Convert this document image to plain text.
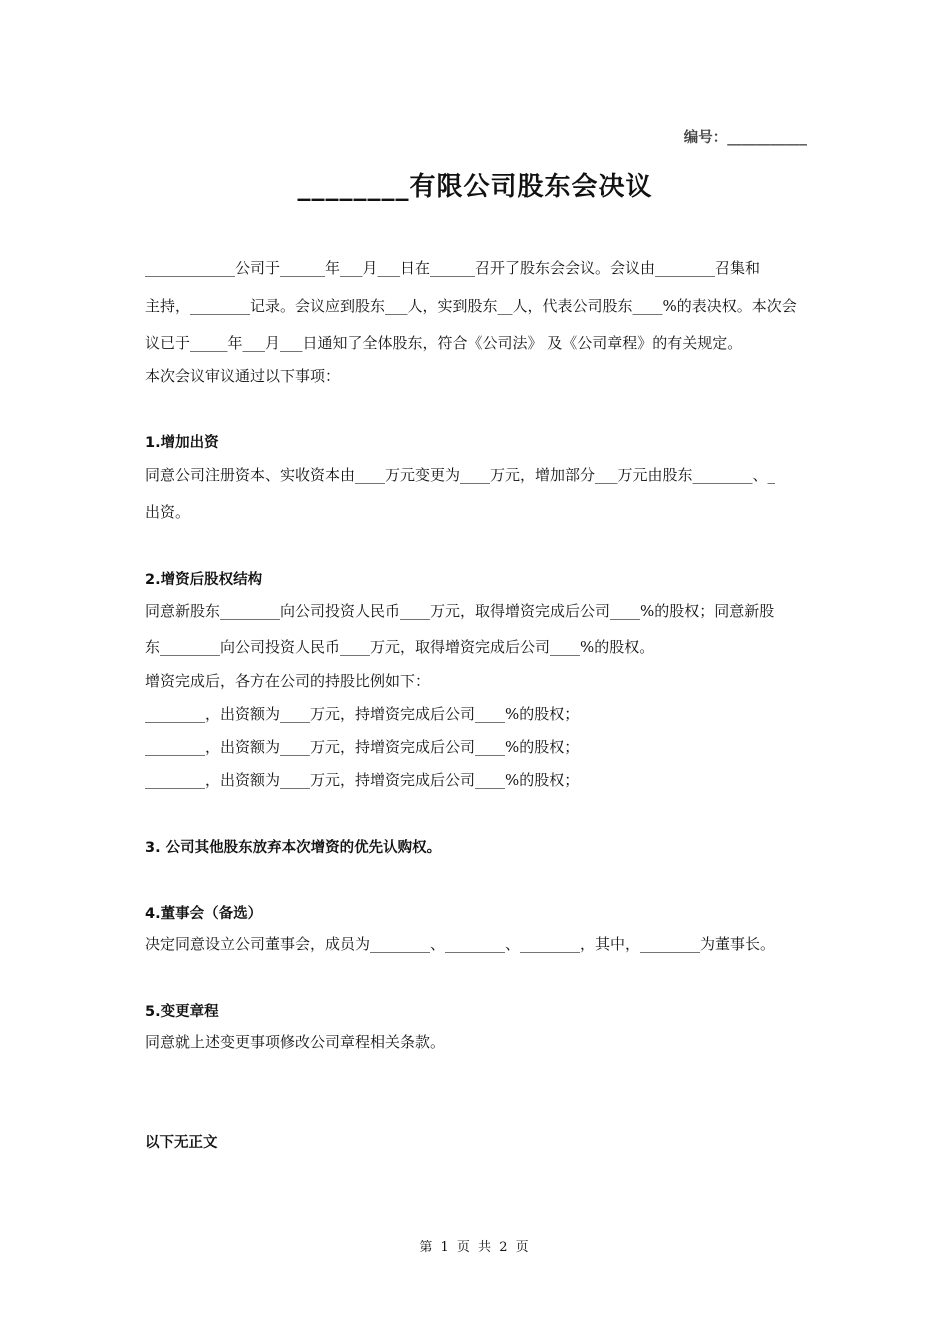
编号：___________
________有限公司股东会决议
____________公司于______年___月___日在______召开了股东会会议。会议由________召集和
主持，________记录。会议应到股东___人，实到股东__人，代表公司股东____%的表决权。本次会
议已于_____年___月___日通知了全体股东，符合《公司法》 及《公司章程》的有关规定。
本次会议审议通过以下事项：
1.增加出资
同意公司注册资本、实收资本由____万元变更为____万元，增加部分___万元由股东________、_
出资。
2.增资后股权结构
同意新股东________向公司投资人民币____万元，取得增资完成后公司____%的股权；同意新股
东________向公司投资人民币____万元，取得增资完成后公司____%的股权。
增资完成后，各方在公司的持股比例如下：
________，出资额为____万元，持增资完成后公司____%的股权；
________，出资额为____万元，持增资完成后公司____%的股权；
________，出资额为____万元，持增资完成后公司____%的股权；
3. 公司其他股东放弃本次增资的优先认购权。
4.董事会（备选）
决定同意设立公司董事会，成员为________、________、________，其中，________为董事长。
5.变更章程
同意就上述变更事项修改公司章程相关条款。
以下无正文
第 1 页 共 2 页
